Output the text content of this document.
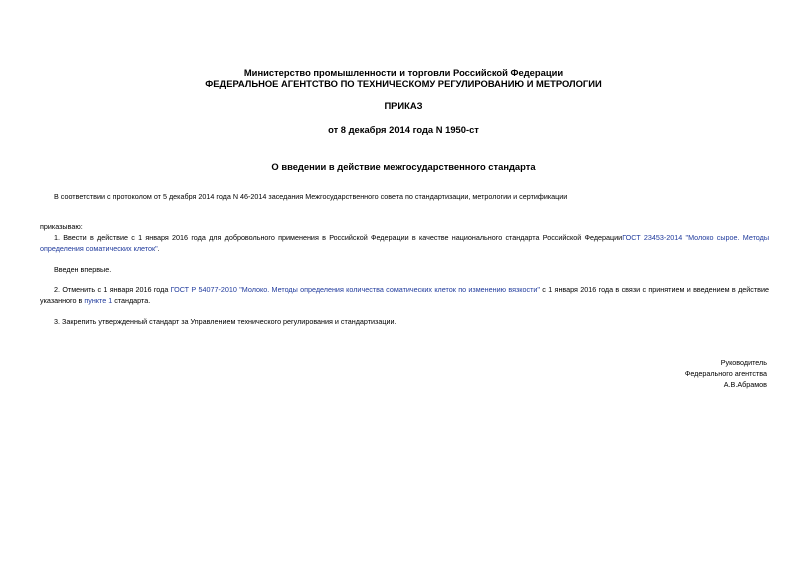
Министерство промышленности и торговли Российской Федерации
ФЕДЕРАЛЬНОЕ АГЕНТСТВО ПО ТЕХНИЧЕСКОМУ РЕГУЛИРОВАНИЮ И МЕТРОЛОГИИ
ПРИКАЗ
от 8 декабря 2014 года N 1950-ст
О введении в действие межгосударственного стандарта
В соответствии с протоколом от 5 декабря 2014 года N 46-2014 заседания Межгосударственного совета по стандартизации, метрологии и сертификации
приказываю:
1. Ввести в действие с 1 января 2016 года для добровольного применения в Российской Федерации в качестве национального стандарта Российской ФедерацииГОСТ 23453-2014 "Молоко сырое. Методы определения соматических клеток".
Введен впервые.
2. Отменить с 1 января 2016 года ГОСТ Р 54077-2010 "Молоко. Методы определения количества соматических клеток по изменению вязкости" с 1 января 2016 года в связи с принятием и введением в действие указанного в пункте 1 стандарта.
3. Закрепить утвержденный стандарт за Управлением технического регулирования и стандартизации.
Руководитель
Федерального агентства
А.В.Абрамов
